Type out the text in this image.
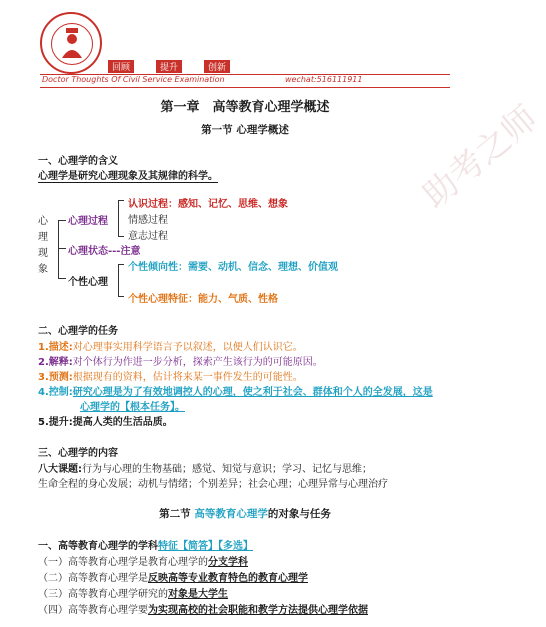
回顾	提升	创新
Doctor Thoughts Of Civil Service Examination	wechat:516111911
助考之师
第一章　高等教育心理学概述
第一节 心理学概述
一、心理学的含义
心理学是研究心理现象及其规律的科学。
心
理
现
象
心理过程
认识过程：感知、记忆、思维、想象
情感过程
意志过程
心理状态---注意
个性心理
个性倾向性：需要、动机、信念、理想、价值观
个性心理特征：能力、气质、性格
二、心理学的任务
1.描述:对心理事实用科学语言予以叙述，以便人们认识它。
2.解释:对个体行为作进一步分析，探索产生该行为的可能原因。
3.预测:根据现有的资料，估计将来某一事件发生的可能性。
4.控制:研究心理是为了有效地调控人的心理，使之利于社会、群体和个人的全发展，这是
心理学的【根本任务】。
5.提升:提高人类的生活品质。
三、心理学的内容
八大课题:行为与心理的生物基础；感觉、知觉与意识；学习、记忆与思维；
生命全程的身心发展；动机与情绪；个别差异；社会心理；心理异常与心理治疗
第二节 高等教育心理学的对象与任务
一、高等教育心理学的学科特征【简答】【多选】
（一）高等教育心理学是教育心理学的分支学科
（二）高等教育心理学是反映高等专业教育特色的教育心理学
（三）高等教育心理学研究的对象是大学生
（四）高等教育心理学要为实现高校的社会职能和教学方法提供心理学依据
